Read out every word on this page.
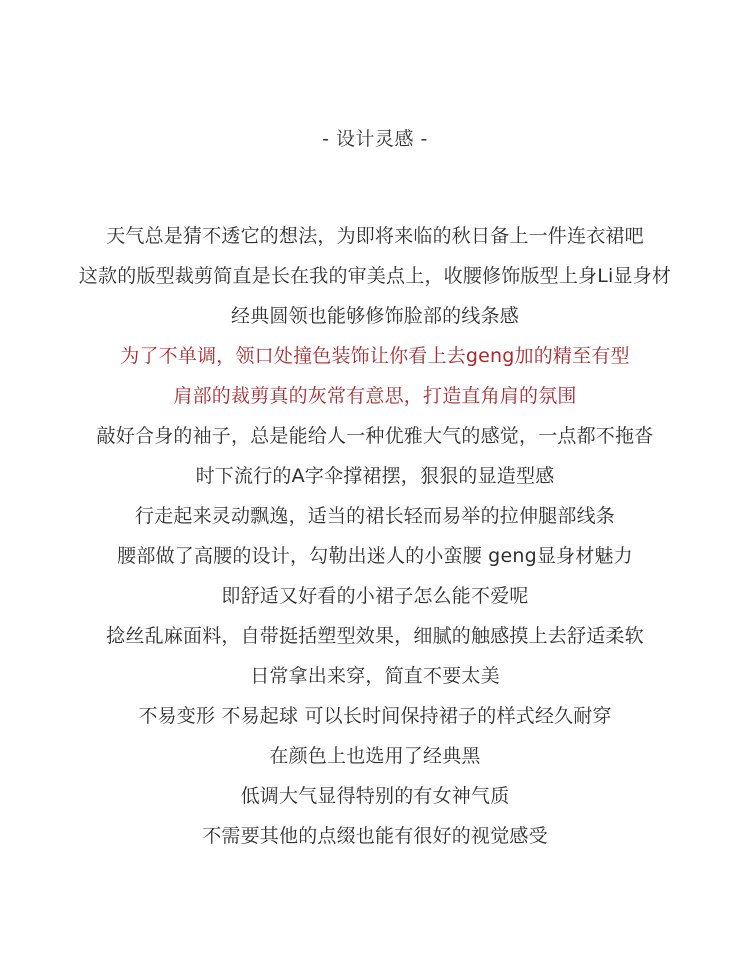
- 设计灵感 -
天气总是猜不透它的想法，为即将来临的秋日备上一件连衣裙吧
这款的版型裁剪简直是长在我的审美点上，收腰修饰版型上身Li显身材
经典圆领也能够修饰脸部的线条感
为了不单调，领口处撞色装饰让你看上去geng加的精至有型
肩部的裁剪真的灰常有意思，打造直角肩的氛围
敲好合身的袖子，总是能给人一种优雅大气的感觉，一点都不拖沓
时下流行的A字伞撑裙摆，狠狠的显造型感
行走起来灵动飘逸，适当的裙长轻而易举的拉伸腿部线条
腰部做了高腰的设计，勾勒出迷人的小蛮腰 geng显身材魅力
即舒适又好看的小裙子怎么能不爱呢
捻丝乱麻面料，自带挺括塑型效果，细腻的触感摸上去舒适柔软
日常拿出来穿，简直不要太美
不易变形 不易起球 可以长时间保持裙子的样式经久耐穿
在颜色上也选用了经典黑
低调大气显得特别的有女神气质
不需要其他的点缀也能有很好的视觉感受
